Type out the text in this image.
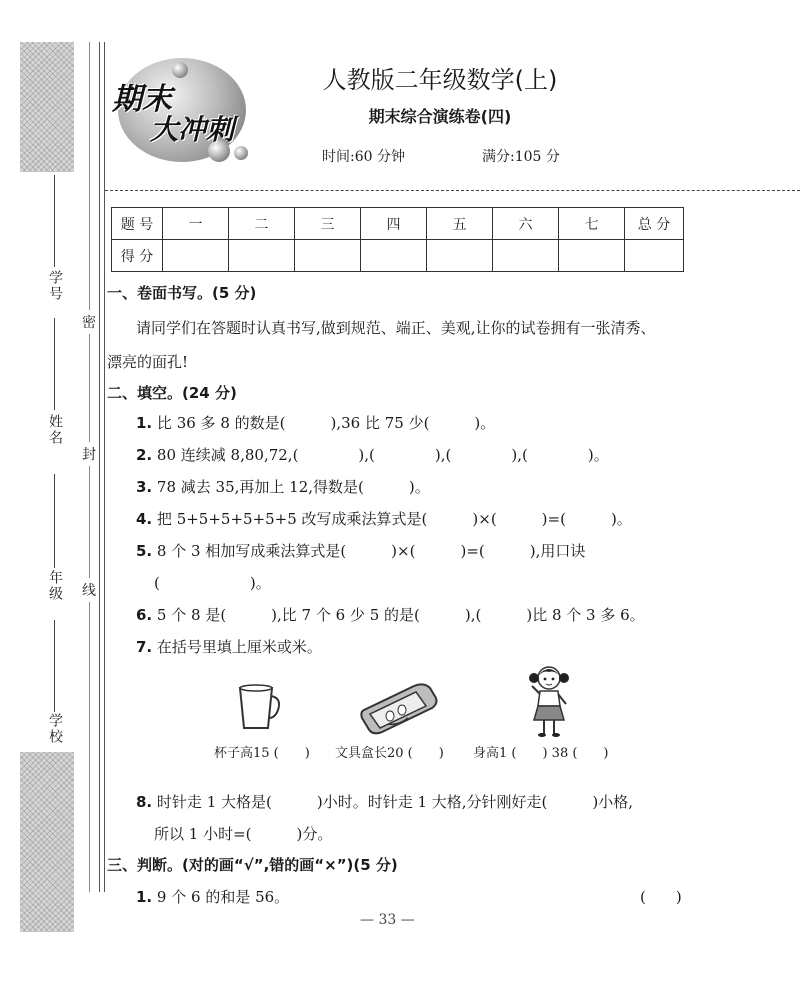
学号
姓名
年级
学校
密
封
线
期末
大冲刺
人教版二年级数学(上)
期末综合演练卷(四)
时间:60 分钟	满分:105 分
题 号	一	二	三	四	五	六	七	总 分
得 分								
一、卷面书写。(5 分)
请同学们在答题时认真书写,做到规范、端正、美观,让你的试卷拥有一张清秀、
漂亮的面孔!
二、填空。(24 分)
1. 比 36 多 8 的数是(　　　),36 比 75 少(　　　)。
2. 80 连续减 8,80,72,(　　　　),(　　　　),(　　　　),(　　　　)。
3. 78 减去 35,再加上 12,得数是(　　　)。
4. 把 5+5+5+5+5+5 改写成乘法算式是(　　　)×(　　　)=(　　　)。
5. 8 个 3 相加写成乘法算式是(　　　)×(　　　)=(　　　),用口诀
(　　　　　　)。
6. 5 个 8 是(　　　),比 7 个 6 少 5 的是(　　　),(　　　)比 8 个 3 多 6。
7. 在括号里填上厘米或米。
杯子高15 (　　) 文具盒长20 (　　) 身高1 (　　) 38 (　　)
8. 时针走 1 大格是(　　　)小时。时针走 1 大格,分针刚好走(　　　)小格,
所以 1 小时=(　　　)分。
三、判断。(对的画“√”,错的画“×”)(5 分)
1. 9 个 6 的和是 56。	(　　)
— 33 —
